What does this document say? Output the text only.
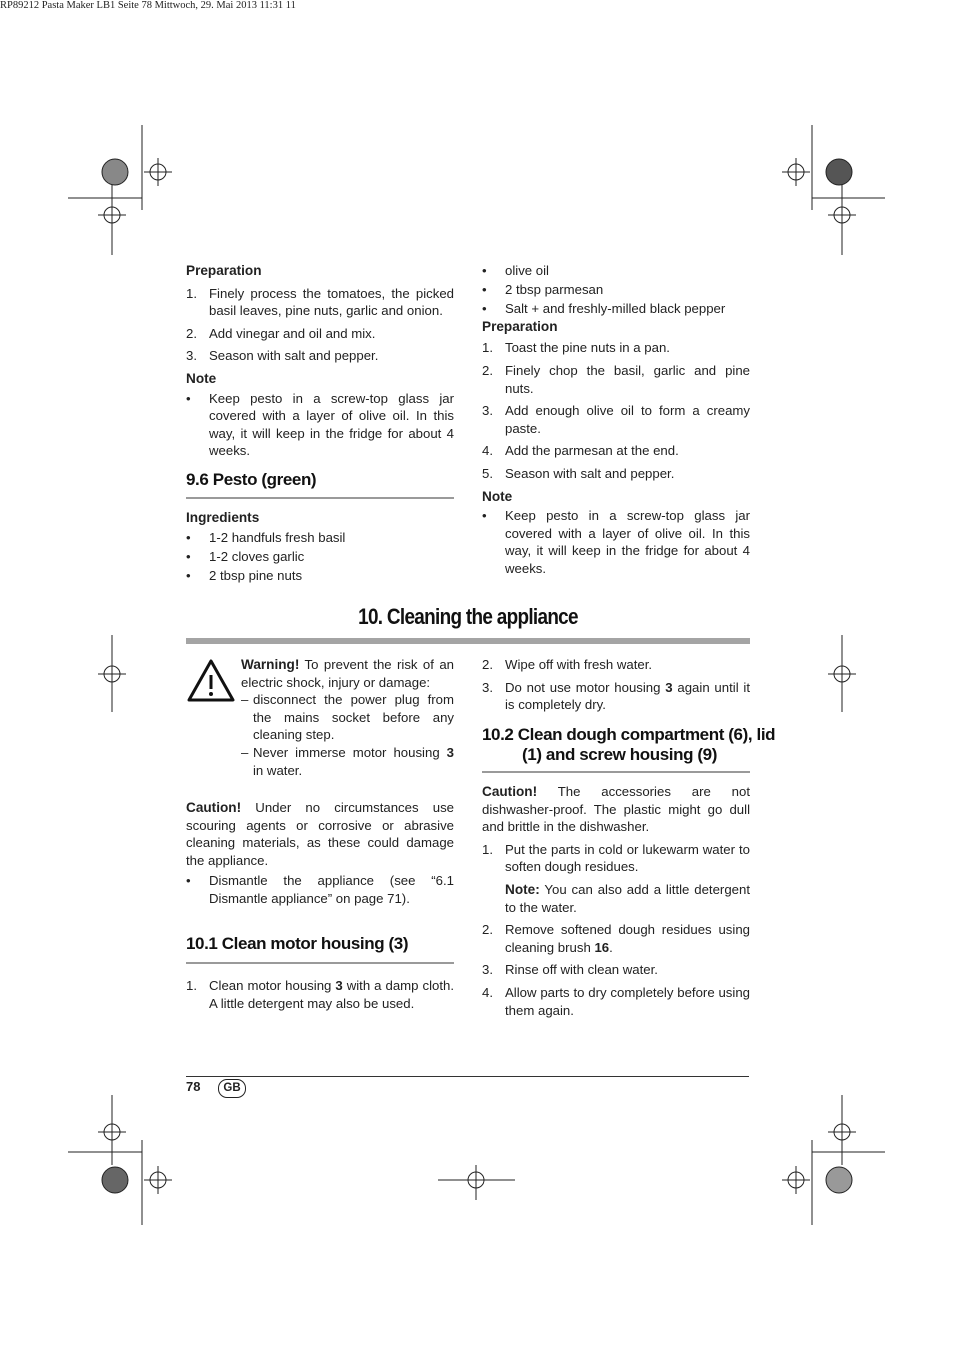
RP89212 Pasta Maker LB1 Seite 78 Mittwoch, 29. Mai 2013 11:31 11

Preparation

1. Finely process the tomatoes, the picked basil leaves, pine nuts, garlic and onion.
2. Add vinegar and oil and mix.
3. Season with salt and pepper.

Note

• Keep pesto in a screw-top glass jar covered with a layer of olive oil. In this way, it will keep in the fridge for about 4 weeks.
9.6 Pesto (green)

Ingredients

• 1-2 handfuls fresh basil
• 1-2 cloves garlic
• 2 tbsp pine nuts
• olive oil
• 2 tbsp parmesan
• Salt + and freshly-milled black pepper

Preparation

1. Toast the pine nuts in a pan.
2. Finely chop the basil, garlic and pine nuts.
3. Add enough olive oil to form a creamy paste.
4. Add the parmesan at the end.
5. Season with salt and pepper.

Note

• Keep pesto in a screw-top glass jar covered with a layer of olive oil. In this way, it will keep in the fridge for about 4 weeks.
10. Cleaning the appliance

Warning! To prevent the risk of an electric shock, injury or damage:

– disconnect the power plug from the mains socket before any cleaning step.
– Never immerse motor housing 3 in water.

Caution! Under no circumstances use scouring agents or corrosive or abrasive cleaning materials, as these could damage the appliance.

• Dismantle the appliance (see “6.1 Dismantle appliance” on page 71).
10.1 Clean motor housing (3)
1. Clean motor housing 3 with a damp cloth. A little detergent may also be used.
2. Wipe off with fresh water.
3. Do not use motor housing 3 again until it is completely dry.
10.2 Clean dough compartment (6), lid
(1) and screw housing (9)

Caution! The accessories are not dishwasher-proof. The plastic might go dull and brittle in the dishwasher.

1. Put the parts in cold or lukewarm water to soften dough residues.
Note: You can also add a little detergent to the water.
2. Remove softened dough residues using cleaning brush 16.
3. Rinse off with clean water.
4. Allow parts to dry completely before using them again.
78	GB
